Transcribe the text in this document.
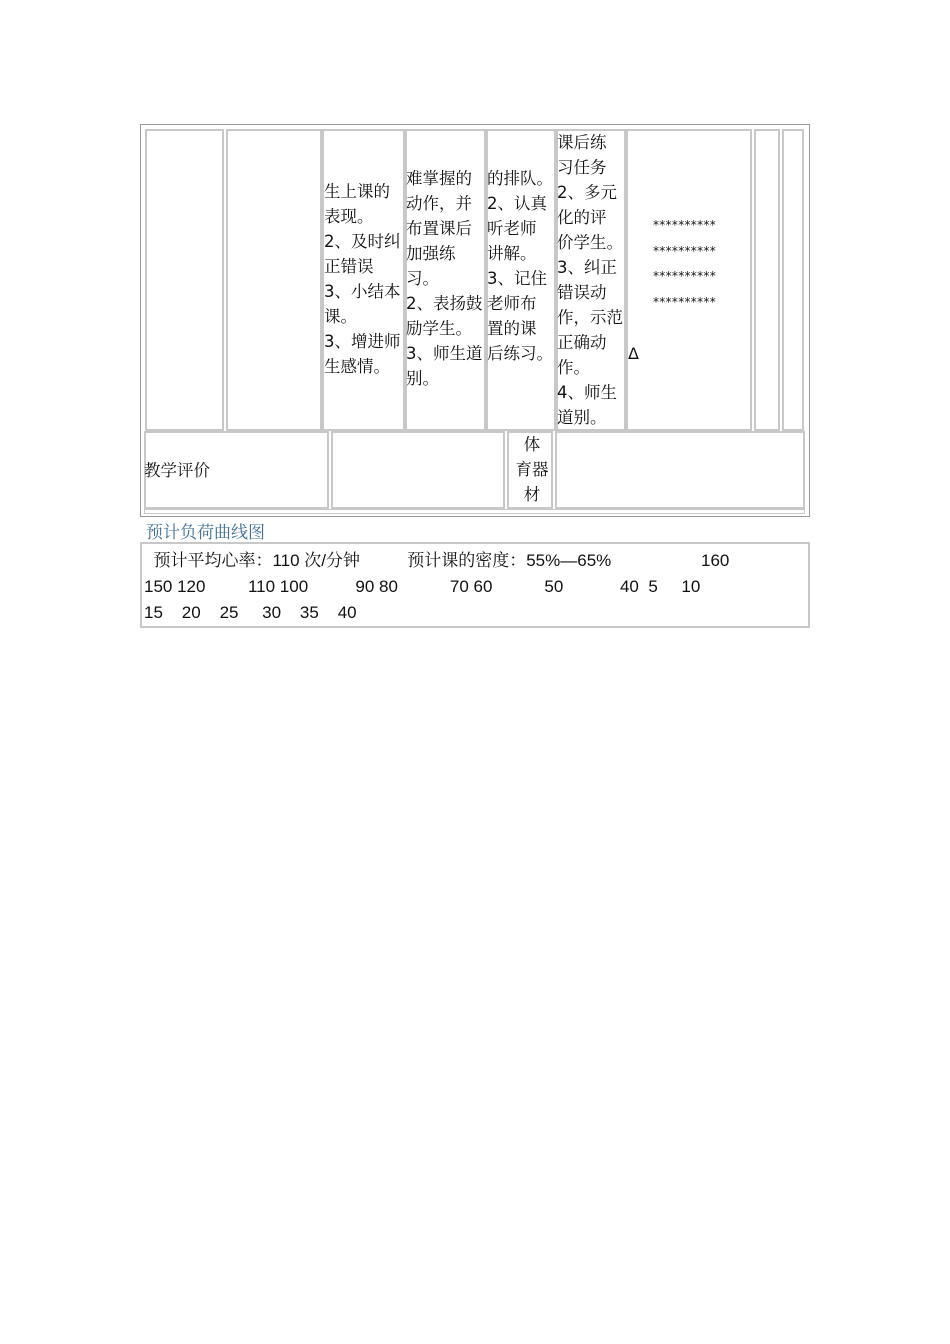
生上课的
表现。
2、及时纠
正错误
3、小结本
课。
3、增进师
生感情。
难掌握的
动作，并
布置课后
加强练
习。
2、表扬鼓
励学生。
3、师生道
别。
的排队。
2、认真
听老师
讲解。
3、记住
老师布
置的课
后练习。
课后练
习任务
2、多元
化的评
价学生。
3、纠正
错误动
作，示范
正确动
作。
4、师生
道别。
**********
**********
**********
**********
Δ
教学评价
体
育器
材
预计负荷曲线图
预计平均心率：110 次/分钟          预计课的密度：55%—65%                   160
150 120         110 100          90 80           70 60           50            40  5     10
15    20    25     30    35    40
